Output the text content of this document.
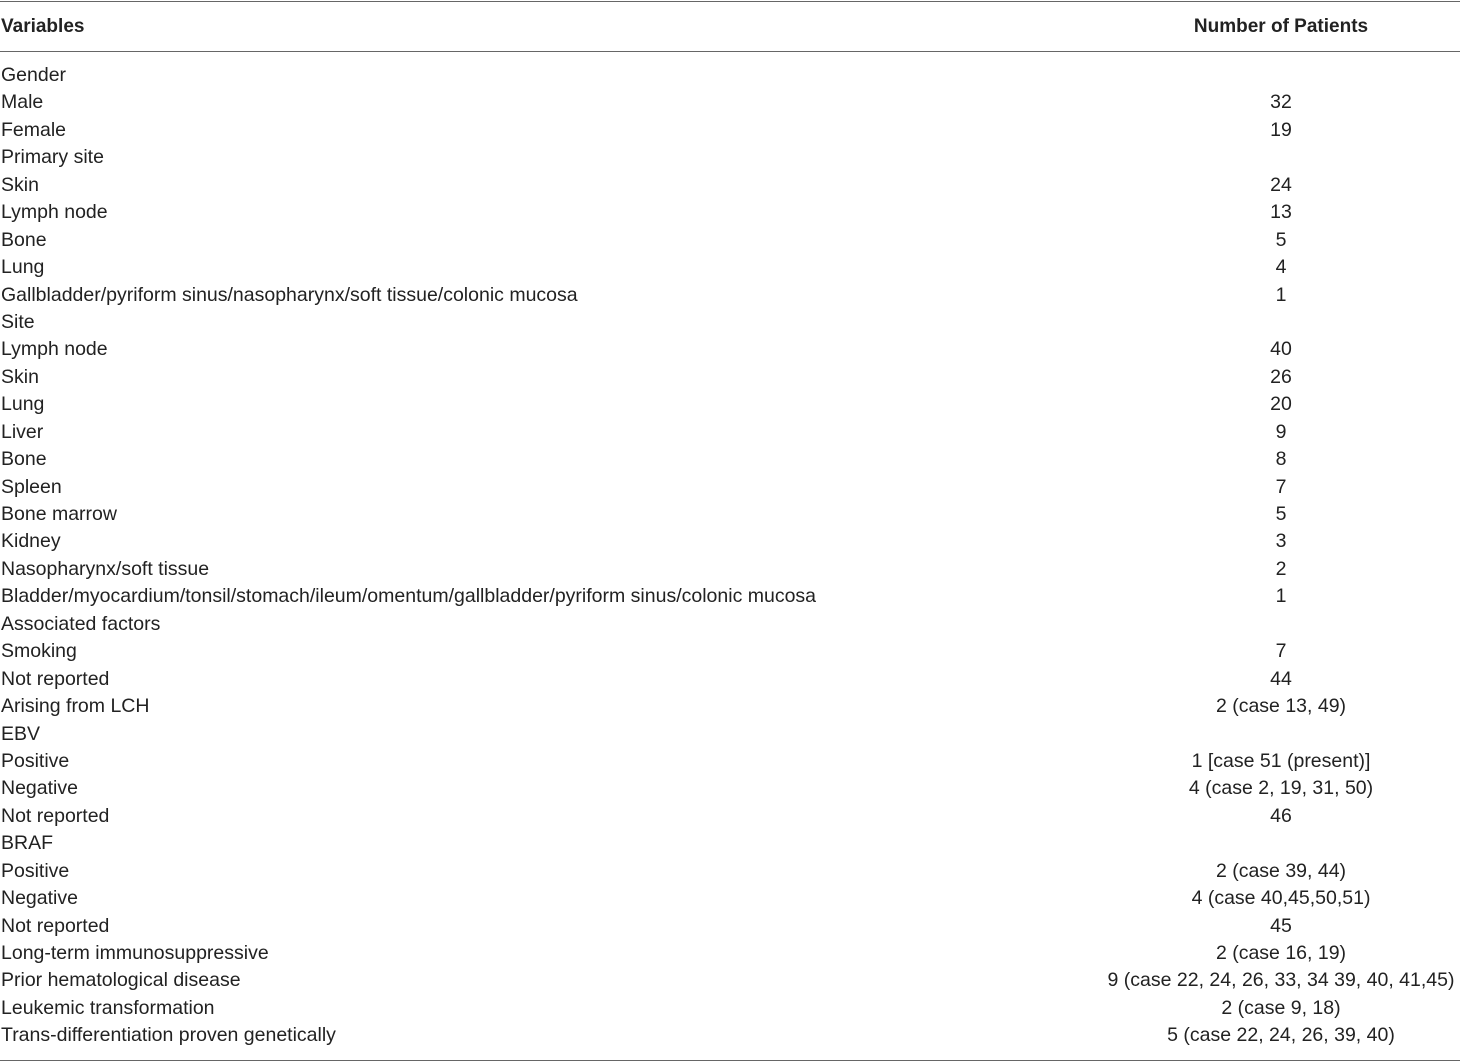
Variables	Number of Patients
Gender
Male	32
Female	19
Primary site
Skin	24
Lymph node	13
Bone	5
Lung	4
Gallbladder/pyriform sinus/nasopharynx/soft tissue/colonic mucosa	1
Site
Lymph node	40
Skin	26
Lung	20
Liver	9
Bone	8
Spleen	7
Bone marrow	5
Kidney	3
Nasopharynx/soft tissue	2
Bladder/myocardium/tonsil/stomach/ileum/omentum/gallbladder/pyriform sinus/colonic mucosa	1
Associated factors
Smoking	7
Not reported	44
Arising from LCH	2 (case 13, 49)
EBV
Positive	1 [case 51 (present)]
Negative	4 (case 2, 19, 31, 50)
Not reported	46
BRAF
Positive	2 (case 39, 44)
Negative	4 (case 40,45,50,51)
Not reported	45
Long-term immunosuppressive	2 (case 16, 19)
Prior hematological disease	9 (case 22, 24, 26, 33, 34 39, 40, 41,45)
Leukemic transformation	2 (case 9, 18)
Trans-differentiation proven genetically	5 (case 22, 24, 26, 39, 40)
